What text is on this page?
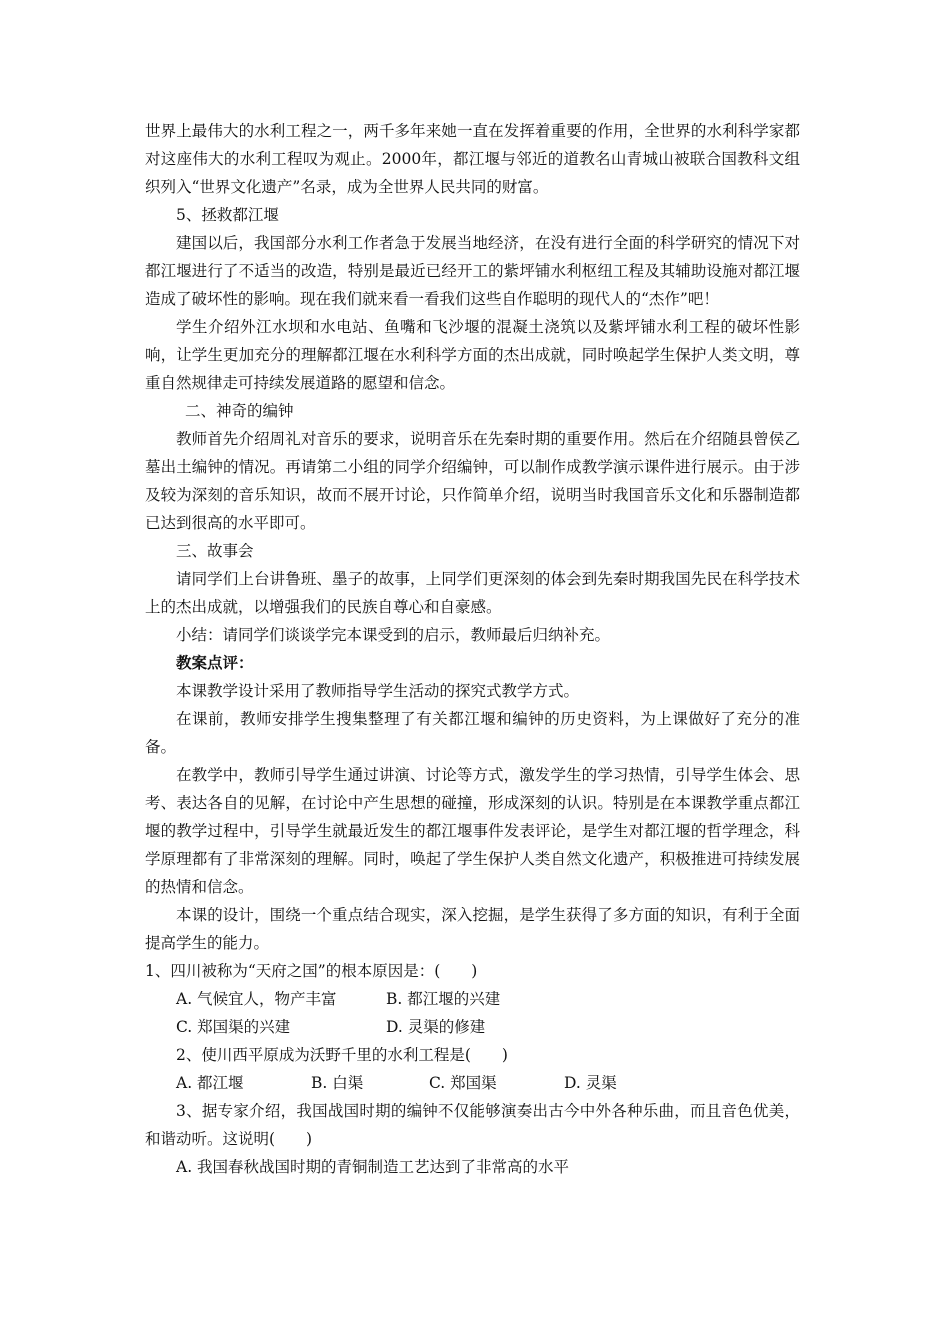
世界上最伟大的水利工程之一，两千多年来她一直在发挥着重要的作用，全世界的水利科学家都对这座伟大的水利工程叹为观止。2000年，都江堰与邻近的道教名山青城山被联合国教科文组织列入“世界文化遗产”名录，成为全世界人民共同的财富。

5、拯救都江堰

建国以后，我国部分水利工作者急于发展当地经济，在没有进行全面的科学研究的情况下对都江堰进行了不适当的改造，特别是最近已经开工的紫坪铺水利枢纽工程及其辅助设施对都江堰造成了破坏性的影响。现在我们就来看一看我们这些自作聪明的现代人的“杰作”吧！

学生介绍外江水坝和水电站、鱼嘴和飞沙堰的混凝土浇筑以及紫坪铺水利工程的破坏性影响，让学生更加充分的理解都江堰在水利科学方面的杰出成就，同时唤起学生保护人类文明，尊重自然规律走可持续发展道路的愿望和信念。

二、神奇的编钟

教师首先介绍周礼对音乐的要求，说明音乐在先秦时期的重要作用。然后在介绍随县曾侯乙墓出土编钟的情况。再请第二小组的同学介绍编钟，可以制作成教学演示课件进行展示。由于涉及较为深刻的音乐知识，故而不展开讨论，只作简单介绍，说明当时我国音乐文化和乐器制造都已达到很高的水平即可。

三、故事会

请同学们上台讲鲁班、墨子的故事，上同学们更深刻的体会到先秦时期我国先民在科学技术上的杰出成就，以增强我们的民族自尊心和自豪感。

小结：请同学们谈谈学完本课受到的启示，教师最后归纳补充。

教案点评：

本课教学设计采用了教师指导学生活动的探究式教学方式。

在课前，教师安排学生搜集整理了有关都江堰和编钟的历史资料，为上课做好了充分的准备。

在教学中，教师引导学生通过讲演、讨论等方式，激发学生的学习热情，引导学生体会、思考、表达各自的见解，在讨论中产生思想的碰撞，形成深刻的认识。特别是在本课教学重点都江堰的教学过程中，引导学生就最近发生的都江堰事件发表评论，是学生对都江堰的哲学理念，科学原理都有了非常深刻的理解。同时，唤起了学生保护人类自然文化遗产，积极推进可持续发展的热情和信念。

本课的设计，围绕一个重点结合现实，深入挖掘，是学生获得了多方面的知识，有利于全面提高学生的能力。

1、四川被称为“天府之国”的根本原因是：(　　)

A. 气候宜人，物产丰富	B. 都江堰的兴建
C. 郑国渠的兴建	D. 灵渠的修建

2、使川西平原成为沃野千里的水利工程是(　　)

A. 都江堰	B. 白渠	C. 郑国渠	D. 灵渠

3、据专家介绍，我国战国时期的编钟不仅能够演奏出古今中外各种乐曲，而且音色优美，和谐动听。这说明(　　)

A. 我国春秋战国时期的青铜制造工艺达到了非常高的水平
